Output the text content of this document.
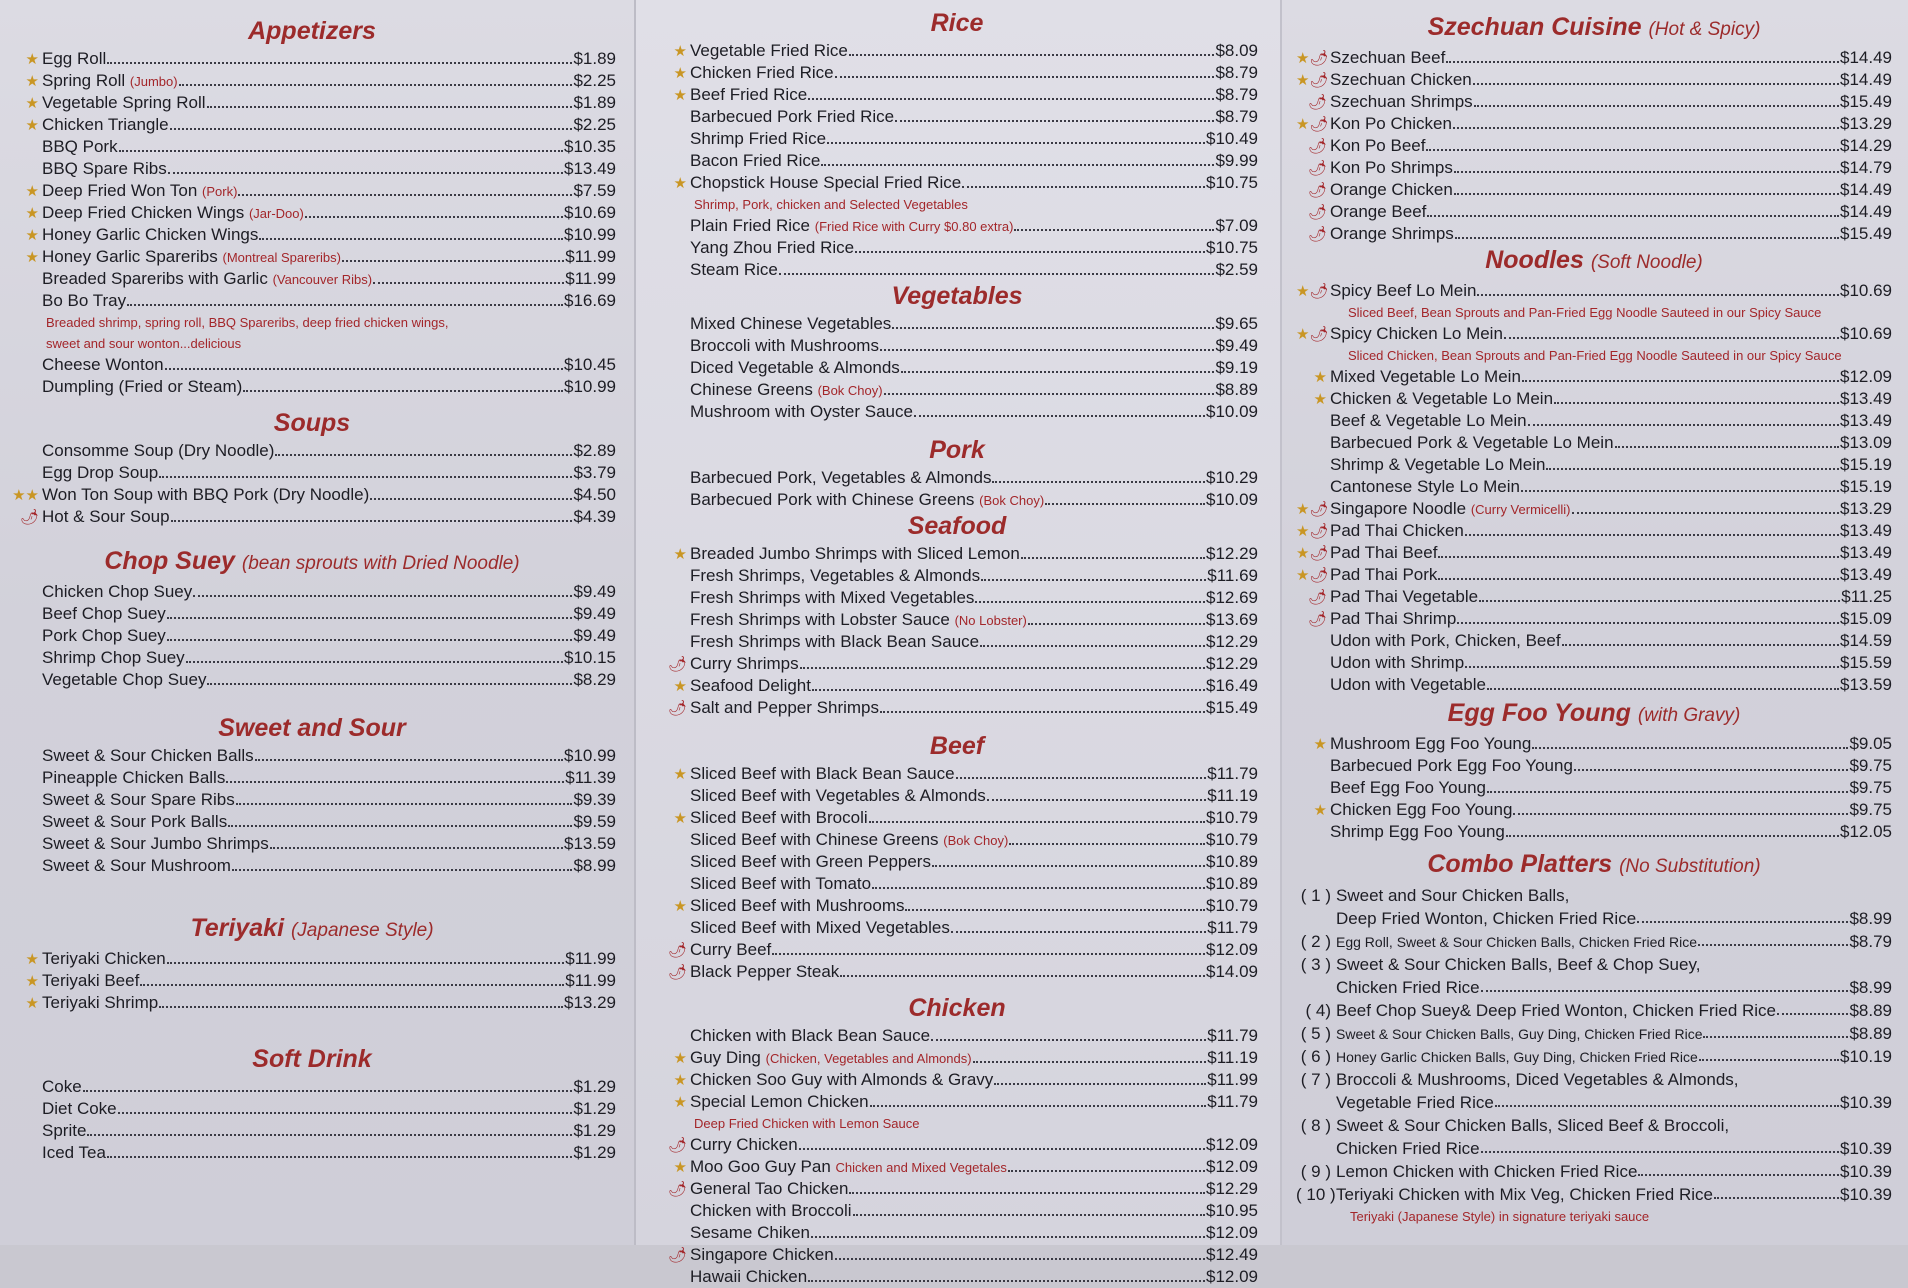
Appetizers
★ Egg Roll	$1.89
★ Spring Roll (Jumbo)	$2.25
★ Vegetable Spring Roll	$1.89
★ Chicken Triangle	$2.25
BBQ Pork	$10.35
BBQ Spare Ribs	$13.49
★ Deep Fried Won Ton (Pork)	$7.59
★ Deep Fried Chicken Wings (Jar-Doo)	$10.69
★ Honey Garlic Chicken Wings	$10.99
★ Honey Garlic Spareribs (Montreal Spareribs)	$11.99
Breaded Spareribs with Garlic (Vancouver Ribs)	$11.99
Bo Bo Tray	$16.69
Breaded shrimp, spring roll, BBQ Spareribs, deep fried chicken wings,
sweet and sour wonton...delicious
Cheese Wonton	$10.45
Dumpling (Fried or Steam)	$10.99
Soups
Consomme Soup (Dry Noodle)	$2.89
Egg Drop Soup	$3.79
★★ Won Ton Soup with BBQ Pork (Dry Noodle)	$4.50
🌶 Hot & Sour Soup	$4.39
Chop Suey (bean sprouts with Dried Noodle)
Chicken Chop Suey	$9.49
Beef Chop Suey	$9.49
Pork Chop Suey	$9.49
Shrimp Chop Suey	$10.15
Vegetable Chop Suey	$8.29
Sweet and Sour
Sweet & Sour Chicken Balls	$10.99
Pineapple Chicken Balls	$11.39
Sweet & Sour Spare Ribs	$9.39
Sweet & Sour Pork Balls	$9.59
Sweet & Sour Jumbo Shrimps	$13.59
Sweet & Sour Mushroom	$8.99
Teriyaki (Japanese Style)
★ Teriyaki Chicken	$11.99
★ Teriyaki Beef	$11.99
★ Teriyaki Shrimp	$13.29
Soft Drink
Coke	$1.29
Diet Coke	$1.29
Sprite	$1.29
Iced Tea	$1.29
Rice
★ Vegetable Fried Rice	$8.09
★ Chicken Fried Rice	$8.79
★ Beef Fried Rice	$8.79
Barbecued Pork Fried Rice	$8.79
Shrimp Fried Rice	$10.49
Bacon Fried Rice	$9.99
★ Chopstick House Special Fried Rice	$10.75
Shrimp, Pork, chicken and Selected Vegetables
Plain Fried Rice (Fried Rice with Curry $0.80 extra)	$7.09
Yang Zhou Fried Rice	$10.75
Steam Rice	$2.59
Vegetables
Mixed Chinese Vegetables	$9.65
Broccoli with Mushrooms	$9.49
Diced Vegetable & Almonds	$9.19
Chinese Greens (Bok Choy)	$8.89
Mushroom with Oyster Sauce	$10.09
Pork
Barbecued Pork, Vegetables & Almonds	$10.29
Barbecued Pork with Chinese Greens (Bok Choy)	$10.09
Seafood
★ Breaded Jumbo Shrimps with Sliced Lemon	$12.29
Fresh Shrimps, Vegetables & Almonds	$11.69
Fresh Shrimps with Mixed Vegetables	$12.69
Fresh Shrimps with Lobster Sauce (No Lobster)	$13.69
Fresh Shrimps with Black Bean Sauce	$12.29
🌶 Curry Shrimps	$12.29
★ Seafood Delight	$16.49
🌶 Salt and Pepper Shrimps	$15.49
Beef
★ Sliced Beef with Black Bean Sauce	$11.79
Sliced Beef with Vegetables & Almonds	$11.19
★ Sliced Beef with Brocoli	$10.79
Sliced Beef with Chinese Greens (Bok Choy)	$10.79
Sliced Beef with Green Peppers	$10.89
Sliced Beef with Tomato	$10.89
★ Sliced Beef with Mushrooms	$10.79
Sliced Beef with Mixed Vegetables	$11.79
🌶 Curry Beef	$12.09
🌶 Black Pepper Steak	$14.09
Chicken
Chicken with Black Bean Sauce	$11.79
★ Guy Ding (Chicken, Vegetables and Almonds)	$11.19
★ Chicken Soo Guy with Almonds & Gravy	$11.99
★ Special Lemon Chicken	$11.79
Deep Fried Chicken with Lemon Sauce
🌶 Curry Chicken	$12.09
★ Moo Goo Guy Pan Chicken and Mixed Vegetales	$12.09
🌶 General Tao Chicken	$12.29
Chicken with Broccoli	$10.95
Sesame Chiken	$12.09
🌶 Singapore Chicken	$12.49
Hawaii Chicken	$12.09
Szechuan Cuisine (Hot & Spicy)
★🌶 Szechuan Beef	$14.49
★🌶 Szechuan Chicken	$14.49
🌶 Szechuan Shrimps	$15.49
★🌶 Kon Po Chicken	$13.29
🌶 Kon Po Beef	$14.29
🌶 Kon Po Shrimps	$14.79
🌶 Orange Chicken	$14.49
🌶 Orange Beef	$14.49
🌶 Orange Shrimps	$15.49
Noodles (Soft Noodle)
★🌶 Spicy Beef Lo Mein	$10.69
Sliced Beef, Bean Sprouts and Pan-Fried Egg Noodle Sauteed in our Spicy Sauce
★🌶 Spicy Chicken Lo Mein	$10.69
Sliced Chicken, Bean Sprouts and Pan-Fried Egg Noodle Sauteed in our Spicy Sauce
★ Mixed Vegetable Lo Mein	$12.09
★ Chicken & Vegetable Lo Mein	$13.49
Beef & Vegetable Lo Mein	$13.49
Barbecued Pork & Vegetable Lo Mein	$13.09
Shrimp & Vegetable Lo Mein	$15.19
Cantonese Style Lo Mein	$15.19
★🌶 Singapore Noodle (Curry Vermicelli)	$13.29
★🌶 Pad Thai Chicken	$13.49
★🌶 Pad Thai Beef	$13.49
★🌶 Pad Thai Pork	$13.49
🌶 Pad Thai Vegetable	$11.25
🌶 Pad Thai Shrimp	$15.09
Udon with Pork, Chicken, Beef	$14.59
Udon with Shrimp	$15.59
Udon with Vegetable	$13.59
Egg Foo Young (with Gravy)
★ Mushroom Egg Foo Young	$9.05
Barbecued Pork Egg Foo Young	$9.75
Beef Egg Foo Young	$9.75
★ Chicken Egg Foo Young	$9.75
Shrimp Egg Foo Young	$12.05
Combo Platters (No Substitution)
( 1 ) Sweet and Sour Chicken Balls,
Deep Fried Wonton, Chicken Fried Rice	$8.99
( 2 ) Egg Roll, Sweet & Sour Chicken Balls, Chicken Fried Rice	$8.79
( 3 ) Sweet & Sour Chicken Balls, Beef & Chop Suey,
Chicken Fried Rice	$8.99
( 4) Beef Chop Suey& Deep Fried Wonton, Chicken Fried Rice	$8.89
( 5 ) Sweet & Sour Chicken Balls, Guy Ding, Chicken Fried Rice	$8.89
( 6 ) Honey Garlic Chicken Balls, Guy Ding, Chicken Fried Rice	$10.19
( 7 ) Broccoli & Mushrooms, Diced Vegetables & Almonds,
Vegetable Fried Rice	$10.39
( 8 ) Sweet & Sour Chicken Balls, Sliced Beef & Broccoli,
Chicken Fried Rice	$10.39
( 9 ) Lemon Chicken with Chicken Fried Rice	$10.39
( 10 ) Teriyaki Chicken with Mix Veg, Chicken Fried Rice	$10.39
Teriyaki (Japanese Style) in signature teriyaki sauce
